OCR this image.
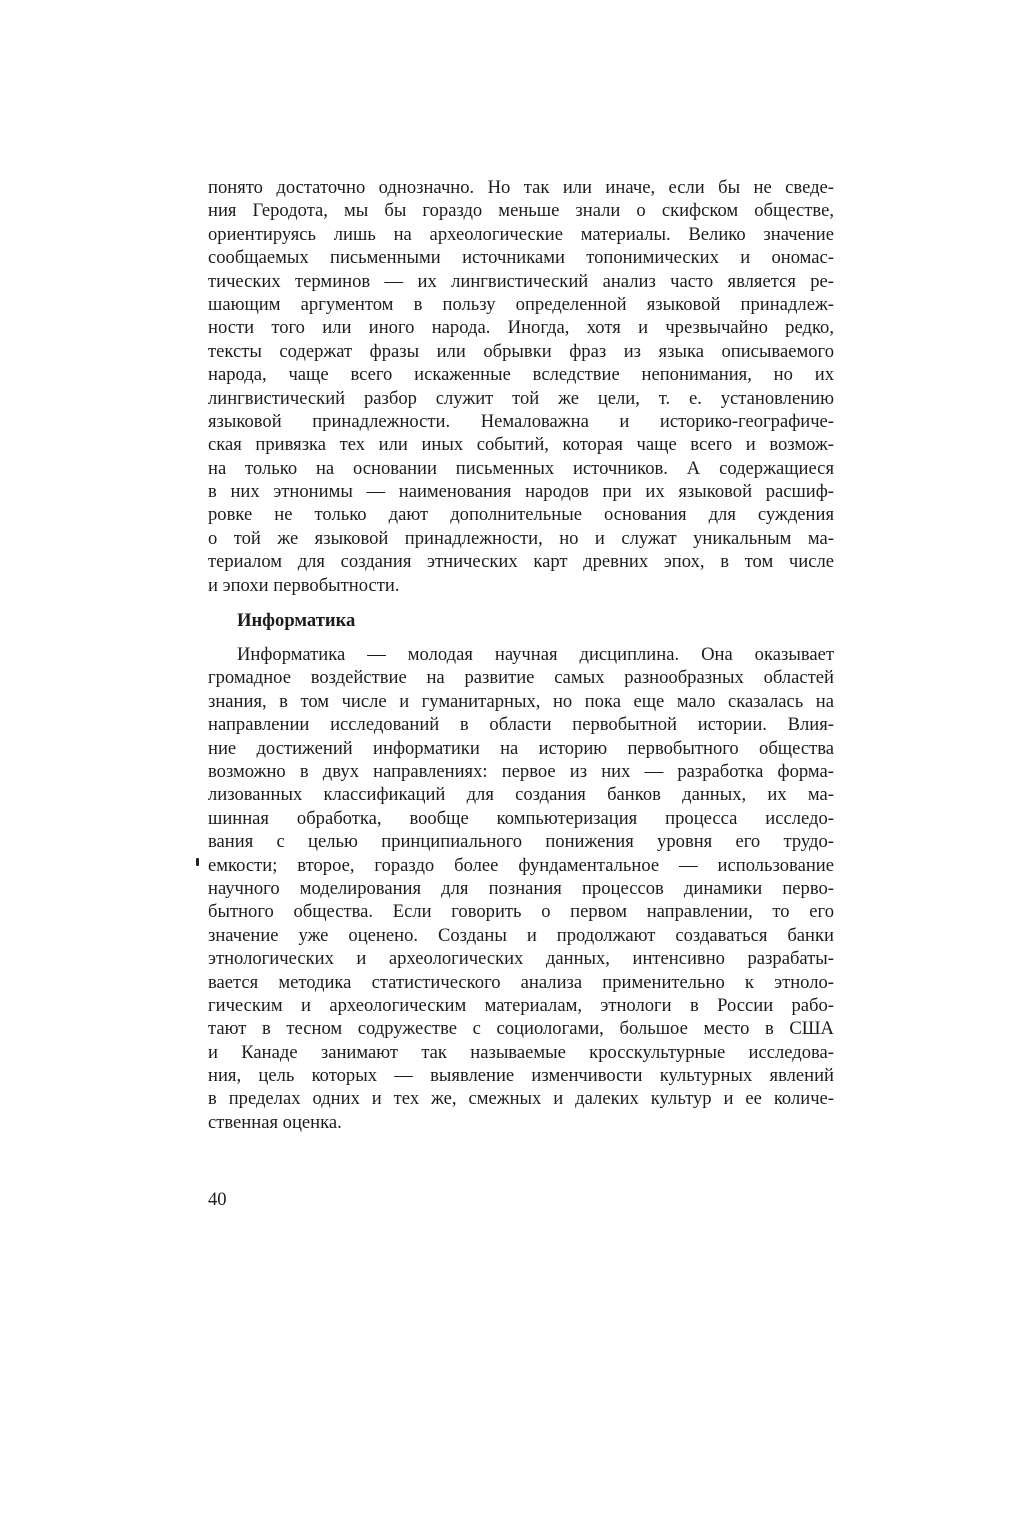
понято достаточно однозначно. Но так или иначе, если бы не сведе-
ния Геродота, мы бы гораздо меньше знали о скифском обществе,
ориентируясь лишь на археологические материалы. Велико значение
сообщаемых письменными источниками топонимических и ономас-
тических терминов — их лингвистический анализ часто является ре-
шающим аргументом в пользу определенной языковой принадлеж-
ности того или иного народа. Иногда, хотя и чрезвычайно редко,
тексты содержат фразы или обрывки фраз из языка описываемого
народа, чаще всего искаженные вследствие непонимания, но их
лингвистический разбор служит той же цели, т. е. установлению
языковой принадлежности. Немаловажна и историко-географиче-
ская привязка тех или иных событий, которая чаще всего и возмож-
на только на основании письменных источников. А содержащиеся
в них этнонимы — наименования народов при их языковой расшиф-
ровке не только дают дополнительные основания для суждения
о той же языковой принадлежности, но и служат уникальным ма-
териалом для создания этнических карт древних эпох, в том числе
и эпохи первобытности.
Информатика
Информатика — молодая научная дисциплина. Она оказывает
громадное воздействие на развитие самых разнообразных областей
знания, в том числе и гуманитарных, но пока еще мало сказалась на
направлении исследований в области первобытной истории. Влия-
ние достижений информатики на историю первобытного общества
возможно в двух направлениях: первое из них — разработка форма-
лизованных классификаций для создания банков данных, их ма-
шинная обработка, вообще компьютеризация процесса исследо-
вания с целью принципиального понижения уровня его трудо-
емкости; второе, гораздо более фундаментальное — использование
научного моделирования для познания процессов динамики перво-
бытного общества. Если говорить о первом направлении, то его
значение уже оценено. Созданы и продолжают создаваться банки
этнологических и археологических данных, интенсивно разрабаты-
вается методика статистического анализа применительно к этноло-
гическим и археологическим материалам, этнологи в России рабо-
тают в тесном содружестве с социологами, большое место в США
и Канаде занимают так называемые кросскультурные исследова-
ния, цель которых — выявление изменчивости культурных явлений
в пределах одних и тех же, смежных и далеких культур и ее количе-
ственная оценка.
40
